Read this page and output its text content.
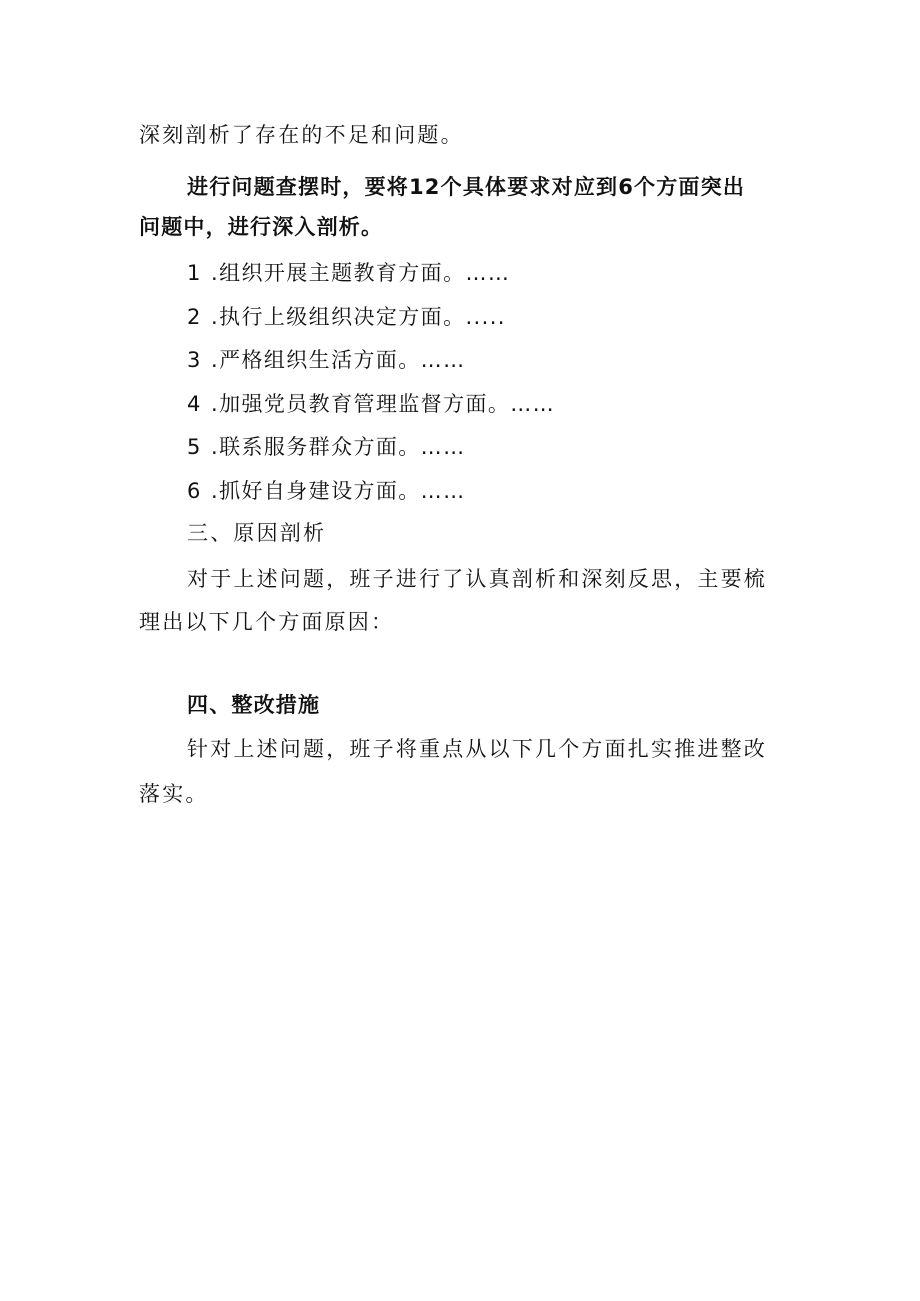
深刻剖析了存在的不足和问题。
进行问题查摆时，要将12个具体要求对应到6个方面突出
问题中，进行深入剖析。
1 .组织开展主题教育方面。……
2 .执行上级组织决定方面。.....
3 .严格组织生活方面。……
4 .加强党员教育管理监督方面。……
5 .联系服务群众方面。……
6 .抓好自身建设方面。……
三、原因剖析
对于上述问题，班子进行了认真剖析和深刻反思，主要梳
理出以下几个方面原因：
四、整改措施
针对上述问题，班子将重点从以下几个方面扎实推进整改
落实。
